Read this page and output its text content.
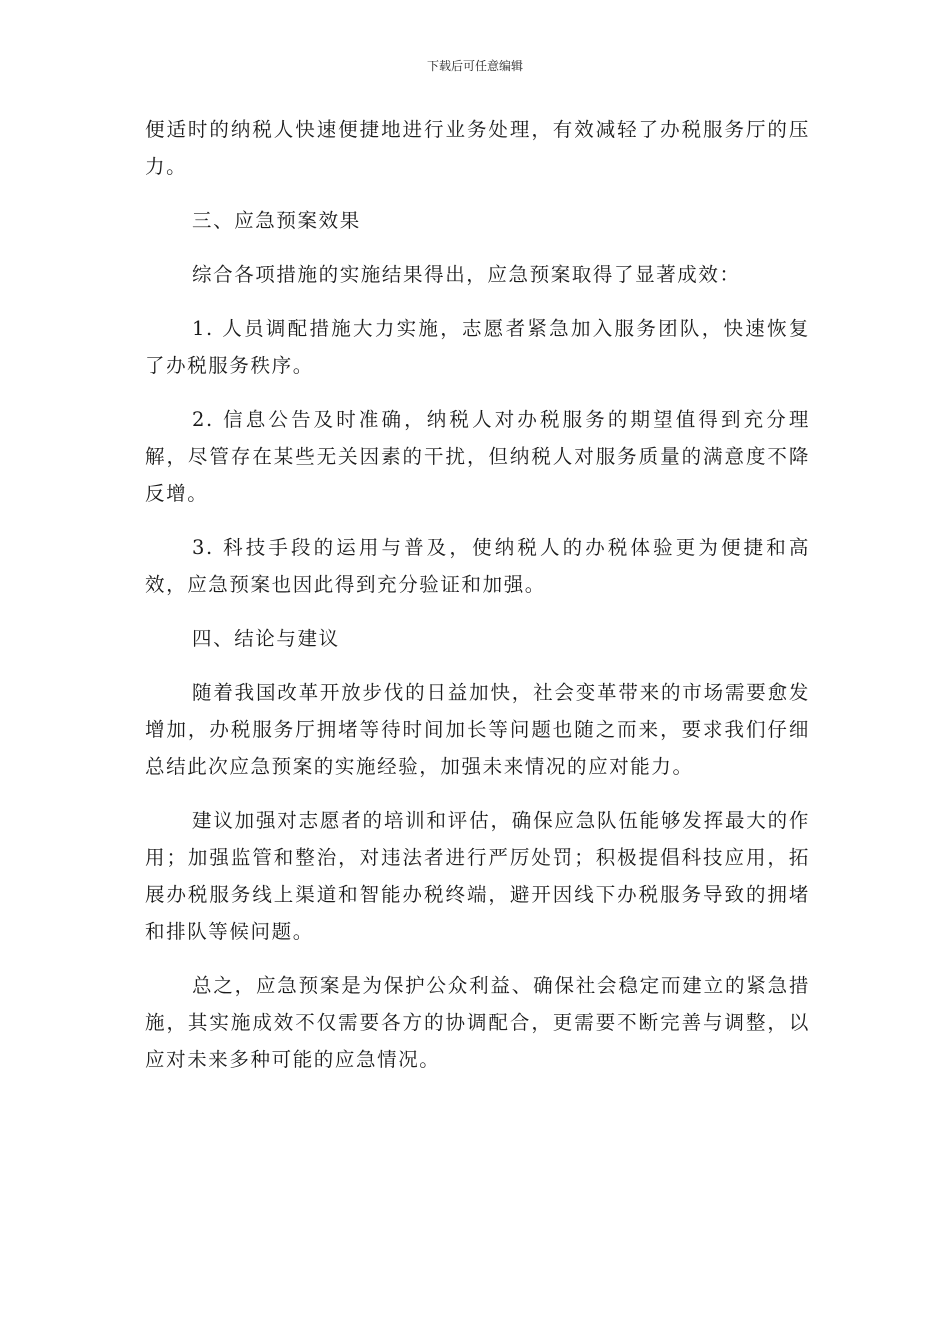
下载后可任意编辑

便适时的纳税人快速便捷地进行业务处理，有效减轻了办税服务厅的压力。

三、应急预案效果

综合各项措施的实施结果得出，应急预案取得了显著成效：

1. 人员调配措施大力实施，志愿者紧急加入服务团队，快速恢复了办税服务秩序。

2. 信息公告及时准确，纳税人对办税服务的期望值得到充分理解，尽管存在某些无关因素的干扰，但纳税人对服务质量的满意度不降反增。

3. 科技手段的运用与普及，使纳税人的办税体验更为便捷和高效，应急预案也因此得到充分验证和加强。

四、结论与建议

随着我国改革开放步伐的日益加快，社会变革带来的市场需要愈发增加，办税服务厅拥堵等待时间加长等问题也随之而来，要求我们仔细总结此次应急预案的实施经验，加强未来情况的应对能力。

建议加强对志愿者的培训和评估，确保应急队伍能够发挥最大的作用；加强监管和整治，对违法者进行严厉处罚；积极提倡科技应用，拓展办税服务线上渠道和智能办税终端，避开因线下办税服务导致的拥堵和排队等候问题。

总之，应急预案是为保护公众利益、确保社会稳定而建立的紧急措施，其实施成效不仅需要各方的协调配合，更需要不断完善与调整，以应对未来多种可能的应急情况。
